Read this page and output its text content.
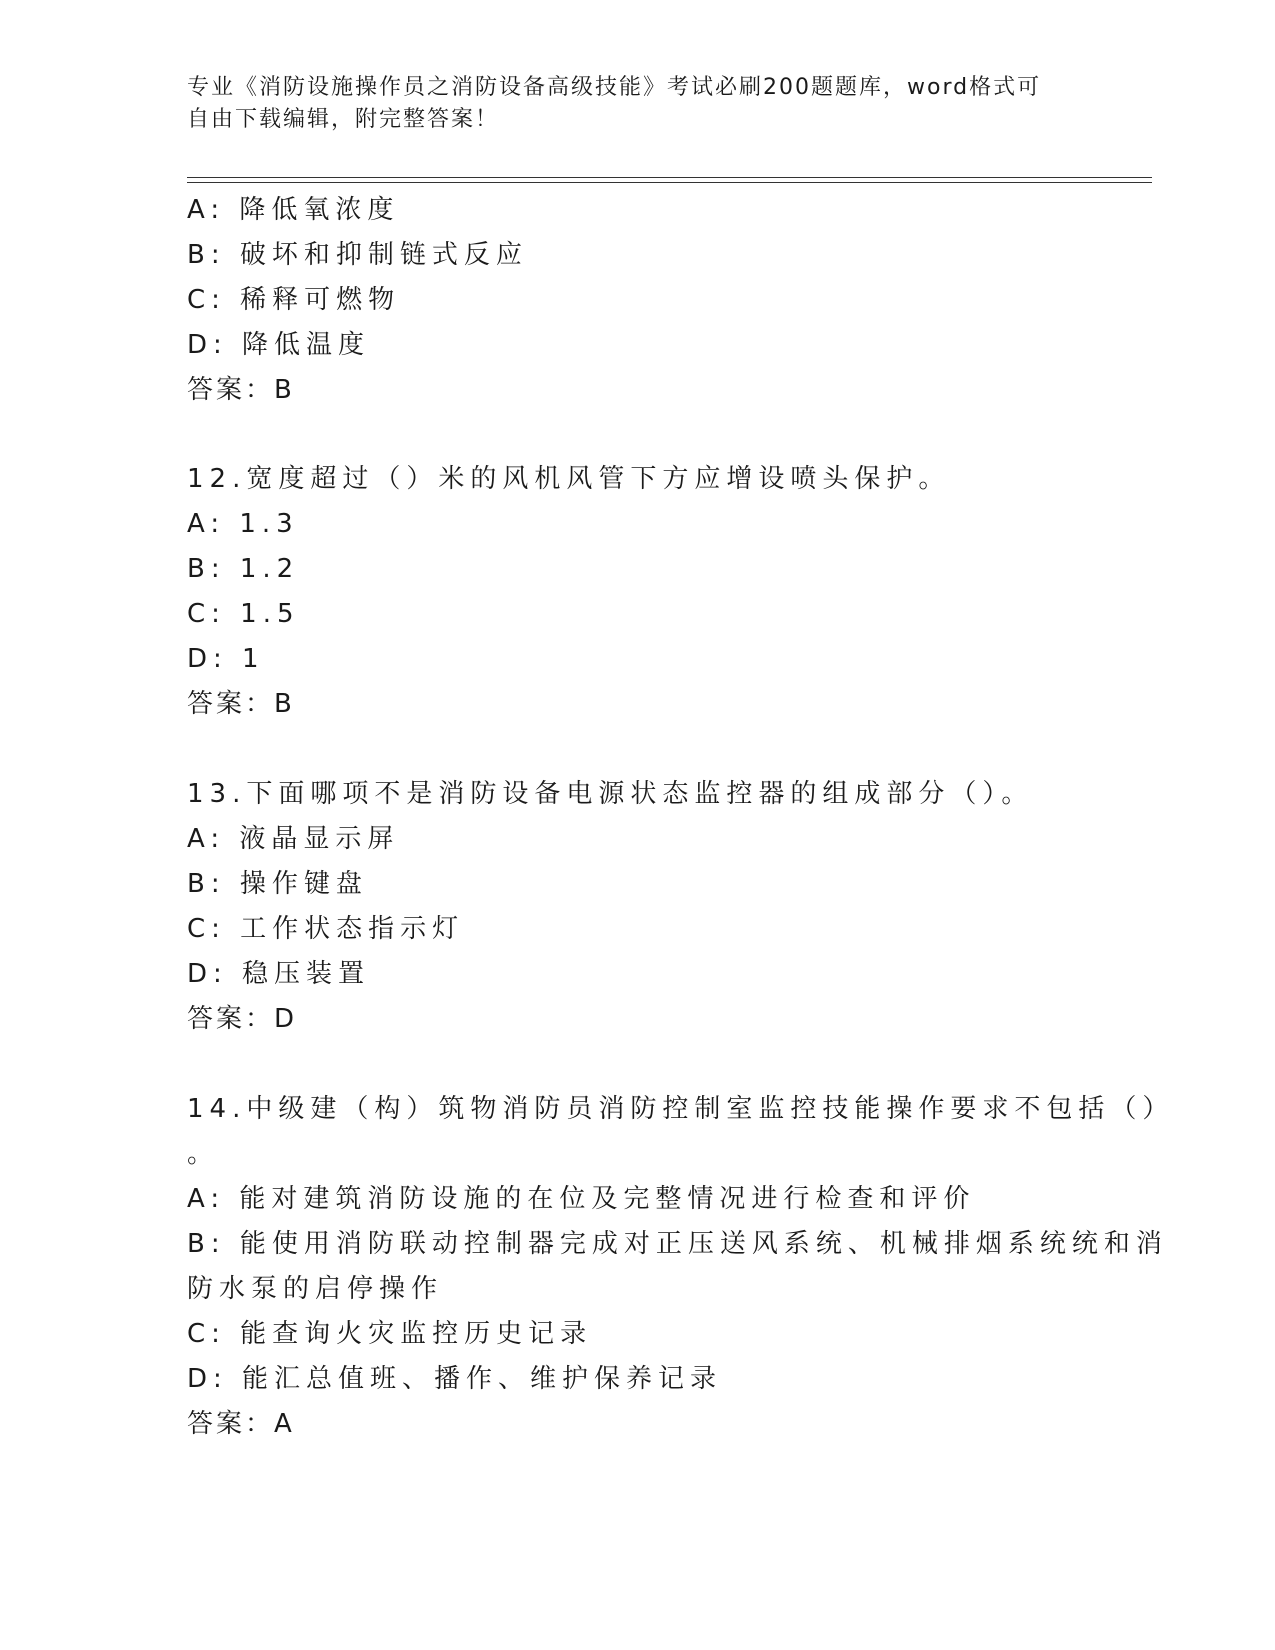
专业《消防设施操作员之消防设备高级技能》考试必刷200题题库，word格式可
自由下载编辑，附完整答案！
A: 降低氧浓度
B: 破坏和抑制链式反应
C: 稀释可燃物
D: 降低温度
答案：B
12.宽度超过（）米的风机风管下方应增设喷头保护。
A: 1.3
B: 1.2
C: 1.5
D: 1
答案：B
13.下面哪项不是消防设备电源状态监控器的组成部分（）。
A: 液晶显示屏
B: 操作键盘
C: 工作状态指示灯
D: 稳压装置
答案：D
14.中级建（构）筑物消防员消防控制室监控技能操作要求不包括（）
。
A: 能对建筑消防设施的在位及完整情况进行检查和评价
B: 能使用消防联动控制器完成对正压送风系统、机械排烟系统统和消
防水泵的启停操作
C: 能查询火灾监控历史记录
D: 能汇总值班、播作、维护保养记录
答案：A
